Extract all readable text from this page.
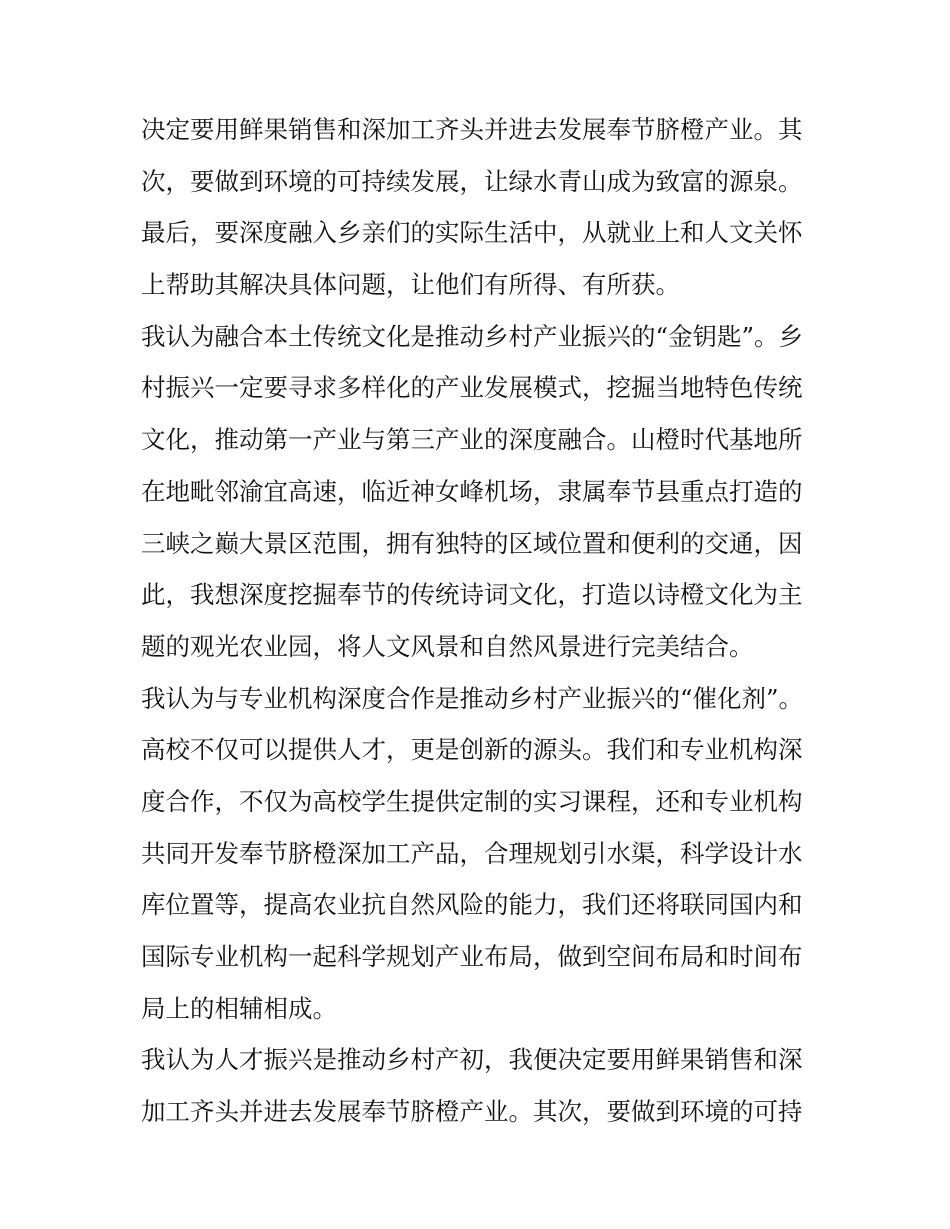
决定要用鲜果销售和深加工齐头并进去发展奉节脐橙产业。其
次，要做到环境的可持续发展，让绿水青山成为致富的源泉。
最后，要深度融入乡亲们的实际生活中，从就业上和人文关怀
上帮助其解决具体问题，让他们有所得、有所获。
我认为融合本土传统文化是推动乡村产业振兴的“金钥匙”。乡
村振兴一定要寻求多样化的产业发展模式，挖掘当地特色传统
文化，推动第一产业与第三产业的深度融合。山橙时代基地所
在地毗邻渝宜高速，临近神女峰机场，隶属奉节县重点打造的
三峡之巅大景区范围，拥有独特的区域位置和便利的交通，因
此，我想深度挖掘奉节的传统诗词文化，打造以诗橙文化为主
题的观光农业园，将人文风景和自然风景进行完美结合。
我认为与专业机构深度合作是推动乡村产业振兴的“催化剂”。
高校不仅可以提供人才，更是创新的源头。我们和专业机构深
度合作，不仅为高校学生提供定制的实习课程，还和专业机构
共同开发奉节脐橙深加工产品，合理规划引水渠，科学设计水
库位置等，提高农业抗自然风险的能力，我们还将联同国内和
国际专业机构一起科学规划产业布局，做到空间布局和时间布
局上的相辅相成。
我认为人才振兴是推动乡村产初，我便决定要用鲜果销售和深
加工齐头并进去发展奉节脐橙产业。其次，要做到环境的可持
